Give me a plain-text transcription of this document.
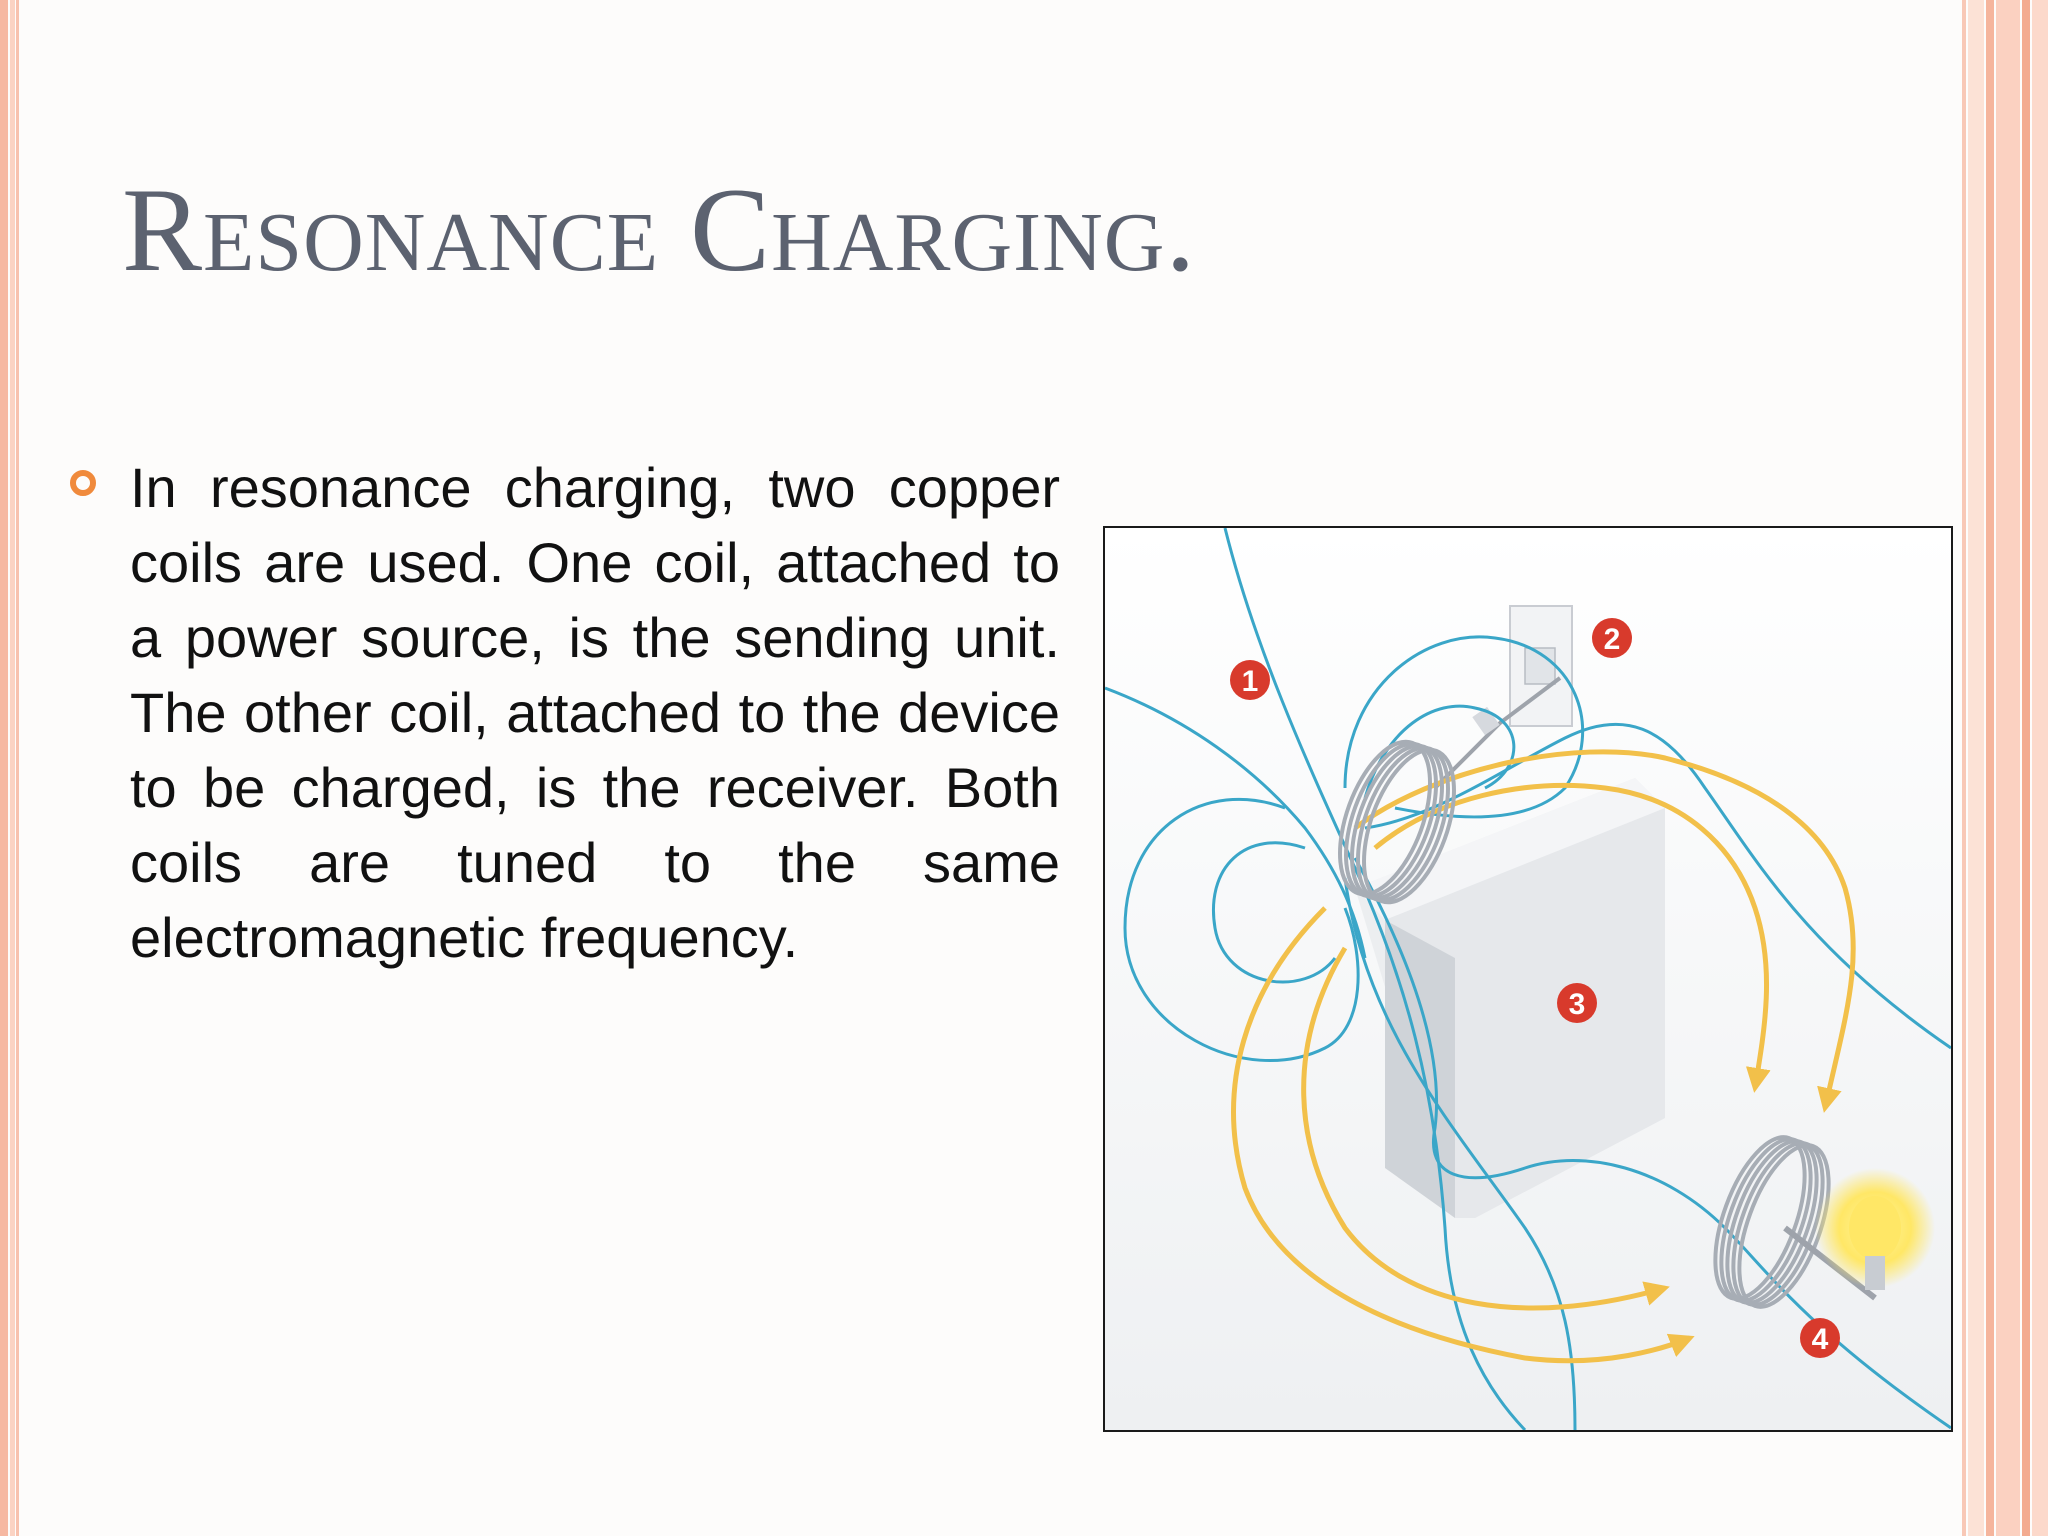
Resonance Charging.

In resonance charging, two copper coils are used. One coil, attached to a power source, is the sending unit. The other coil, attached to the device to be charged, is the receiver. Both coils are tuned to the same electromagnetic frequency.

1
2
3
4
